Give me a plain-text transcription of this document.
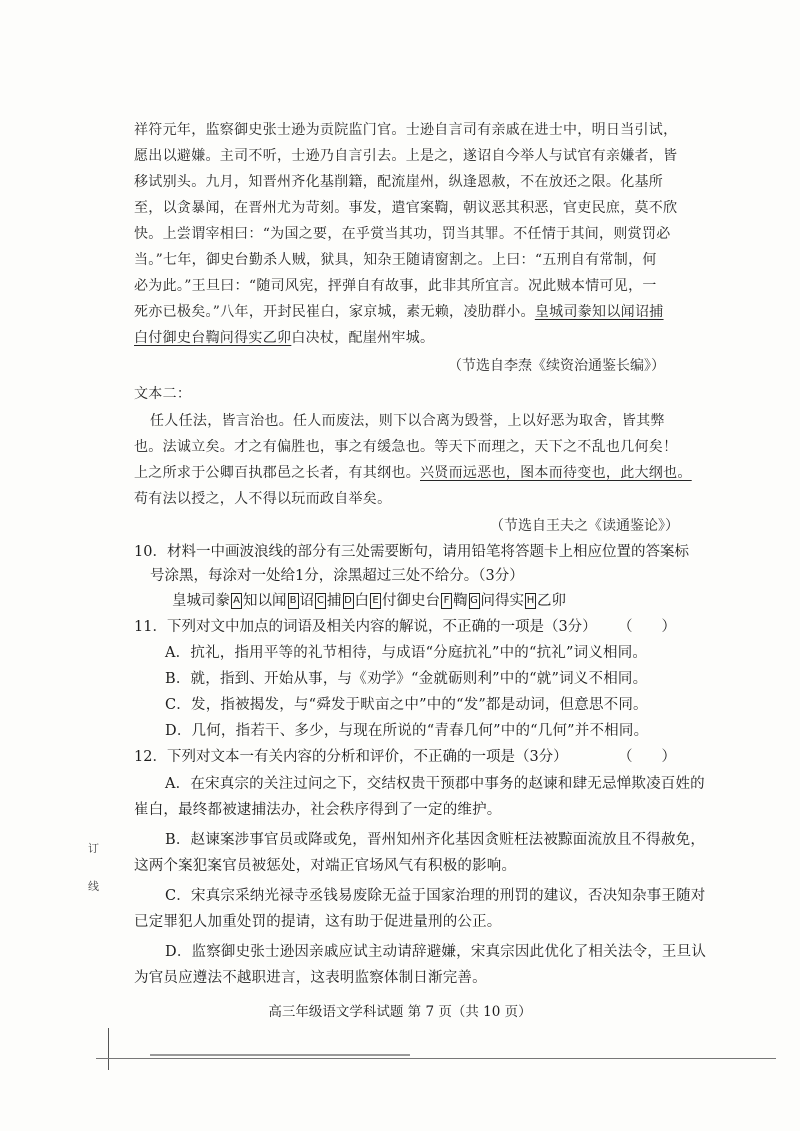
祥符元年，监察御史张士逊为贡院监门官。士逊自言司有亲戚在进士中，明日当引试，
愿出以避嫌。主司不听，士逊乃自言引去。上是之，遂诏自今举人与试官有亲嫌者，皆
移试别头。九月，知晋州齐化基削籍，配流崖州，纵逢恩赦，不在放还之限。化基所
至，以贪暴闻，在晋州尤为苛刻。事发，遣官案鞫，朝议恶其积恶，官吏民庶，莫不欣
快。上尝谓宰相曰：“为国之要，在乎赏当其功，罚当其罪。不任情于其间，则赏罚必
当。”七年，御史台勤杀人贼，狱具，知杂王随请窗割之。上曰：“五刑自有常制，何
必为此。”王旦曰：“随司风宪，抨弹自有故事，此非其所宜言。况此贼本情可见，一
死亦已极矣。”八年，开封民崔白，家京城，素无赖，凌肋群小。皇城司豢知以闻诏捕
白付御史台鞫问得实乙卯白决杖，配崖州牢城。
（节选自李焘《续资治通鉴长编》）
文本二：
任人任法，皆言治也。任人而废法，则下以合离为毁誉，上以好恶为取舍，皆其弊
也。法诚立矣。才之有偏胜也，事之有缓急也。等天下而理之，天下之不乱也几何矣！
上之所求于公卿百执郡邑之长者，有其纲也。兴贤而远恶也，图本而待变也，此大纲也。
苟有法以授之，人不得以玩而政自举矣。
（节选自王夫之《读通鉴论》）
10．材料一中画波浪线的部分有三处需要断句，请用铅笔将答题卡上相应位置的答案标
号涂黑，每涂对一处给1分，涂黑超过三处不给分。（3分）
皇城司豢 A 知以闻 B 诏 C 捕 D 白 E 付御史台 F 鞫 G 问得实 H 乙卯
11．下列对文中加点的词语及相关内容的解说，不正确的一项是（3分） （　　）
A．抗礼，指用平等的礼节相待，与成语“分庭抗礼”中的“抗礼”词义相同。
B．就，指到、开始从事，与《劝学》“金就砺则利”中的“就”词义不相同。
C．发，指被揭发，与“舜发于畎亩之中”中的“发”都是动词，但意思不同。
D．几何，指若干、多少，与现在所说的“青春几何”中的“几何”并不相同。
12．下列对文本一有关内容的分析和评价，不正确的一项是（3分）	（　　）
A．在宋真宗的关注过问之下，交结权贵干预郡中事务的赵谏和肆无忌惮欺凌百姓的
崔白，最终都被逮捕法办，社会秩序得到了一定的维护。
B．赵谏案涉事官员或降或免，晋州知州齐化基因贪赃枉法被黥面流放且不得赦免，
这两个案犯案官员被惩处，对端正官场风气有积极的影响。
C．宋真宗采纳光禄寺丞钱易废除无益于国家治理的刑罚的建议，否决知杂事王随对
已定罪犯人加重处罚的提请，这有助于促进量刑的公正。
D．监察御史张士逊因亲戚应试主动请辞避嫌，宋真宗因此优化了相关法令，王旦认
为官员应遵法不越职进言，这表明监察体制日渐完善。
高三年级语文学科试题 第 7 页（共 10 页）
订
线
